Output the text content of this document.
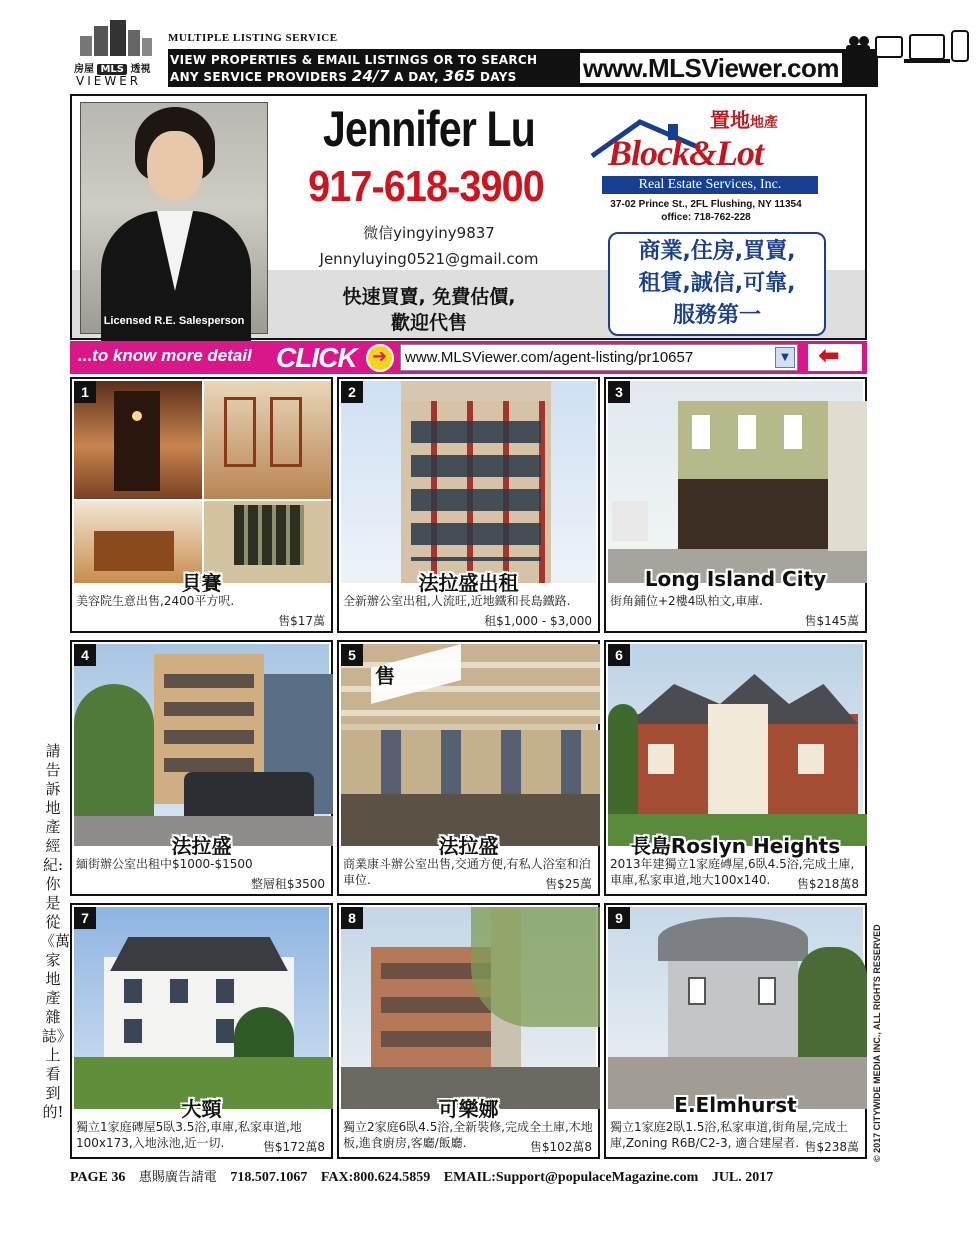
房屋 MLS 透視
VIEWER
MULTIPLE LISTING SERVICE
VIEW PROPERTIES & EMAIL LISTINGS OR TO SEARCH
ANY SERVICE PROVIDERS 24/7 A DAY, 365 DAYS	www.MLSViewer.com	Go
Licensed R.E. Salesperson
Jennifer Lu
917-618-3900
微信yingyiny9837
Jennyluying0521@gmail.com
快速買賣, 免費估價,
歡迎代售
置地地產
Block&Lot
Real Estate Services, Inc.
37-02 Prince St., 2FL Flushing, NY 11354
office: 718-762-228
商業,住房,買賣,
租賃,誠信,可靠,
服務第一
...to know more detail CLICK
➜	www.MLSViewer.com/agent-listing/pr10657	▼
⬅
1
貝賽
美容院生意出售,2400平方呎.
售$17萬
2
法拉盛出租
全新辦公室出租,人流旺,近地鐵和長島鐵路.
租$1,000 - $3,000
3
Long Island City
街角鋪位+2樓4臥柏文,車庫.
售$145萬
4
法拉盛
緬街辦公室出租中$1000-$1500
整層租$3500
售
5
法拉盛
商業康斗辦公室出售,交通方便,有私人浴室和泊車位.	售$25萬
6
長島Roslyn Heights
2013年建獨立1家庭磚屋,6臥4.5浴,完成土庫,車庫,私家車道,地大100x140.	售$218萬8
7
大頸
獨立1家庭磚屋5臥3.5浴,車庫,私家車道,地100x173,入地泳池,近一切.	售$172萬8
8
可樂娜
獨立2家庭6臥4.5浴,全新裝修,完成全土庫,木地板,進食廚房,客廳/飯廳.	售$102萬8
9
E.Elmhurst
獨立1家庭2臥1.5浴,私家車道,街角屋,完成土庫,Zoning R6B/C2-3, 適合建屋者. 售$238萬
請告訴地產經紀: 你是從《萬家地產雜誌》上看到的!	© 2017 CITYWIDE MEDIA INC., ALL RIGHTS RESERVED
PAGE 36 惠賜廣告請電 718.507.1067 FAX:800.624.5859 EMAIL:Support@populaceMagazine.com JUL. 2017
